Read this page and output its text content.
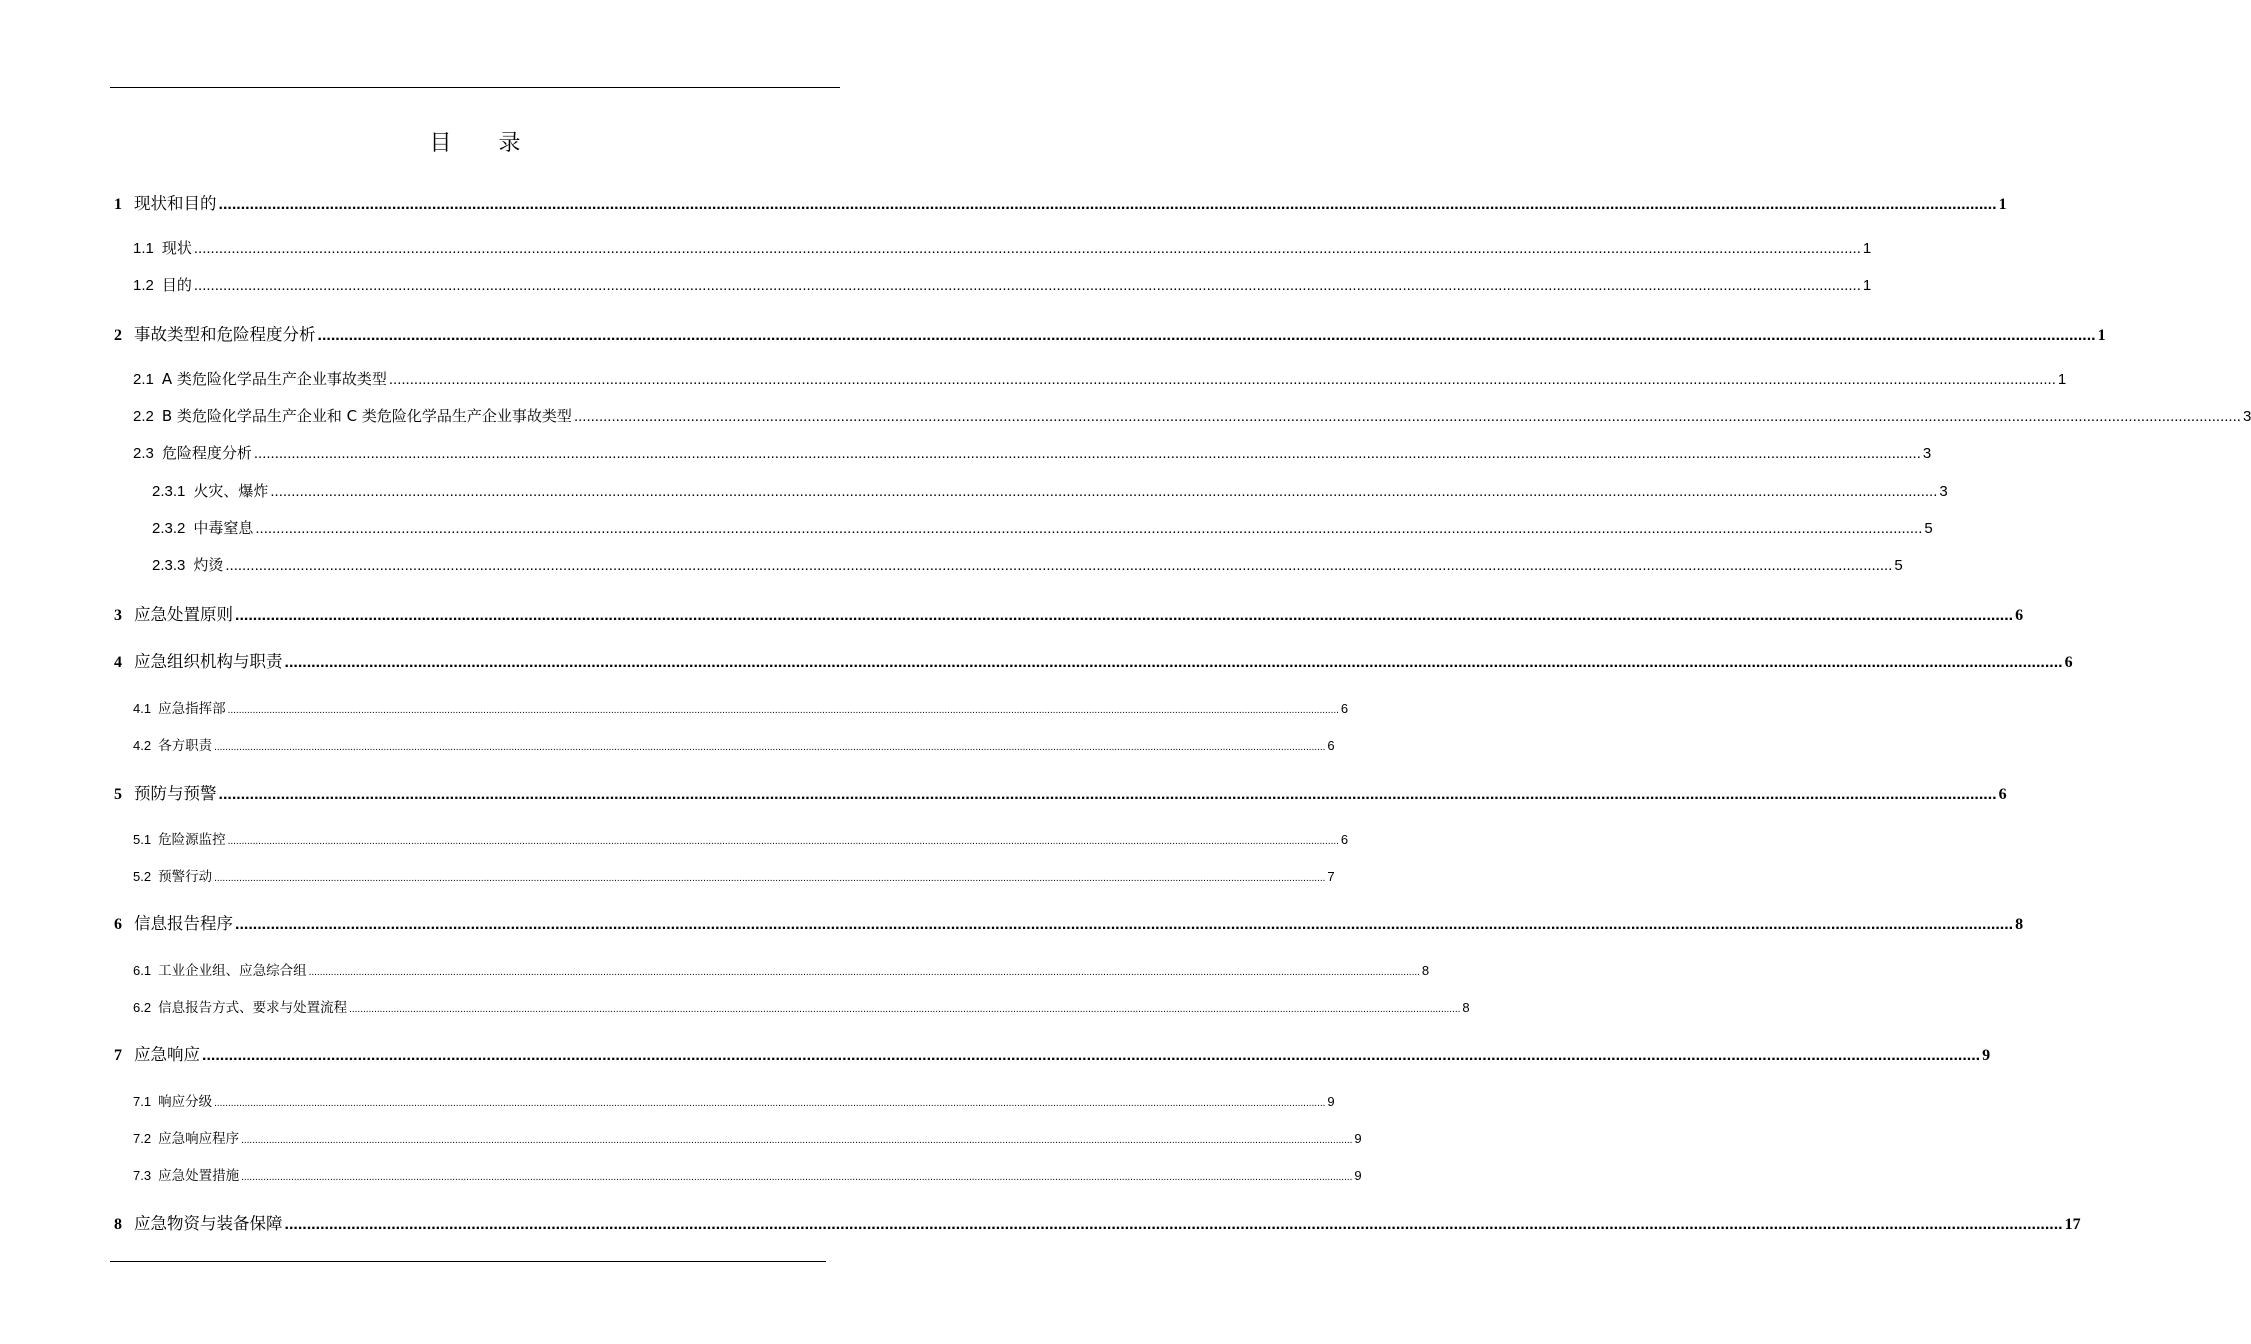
目 录
1 现状和目的 ................................................................................................................................................................................................................................................................................................................................................................................................................ 1
1.1 现状 ................................................................................................................................................................................................................................................................................................................................................................................................................ 1
1.2 目的 ................................................................................................................................................................................................................................................................................................................................................................................................................ 1
2 事故类型和危险程度分析 ................................................................................................................................................................................................................................................................................................................................................................................................................ 1
2.1 A 类危险化学品生产企业事故类型 ................................................................................................................................................................................................................................................................................................................................................................................................................ 1
2.2 B 类危险化学品生产企业和 C 类危险化学品生产企业事故类型 ................................................................................................................................................................................................................................................................................................................................................................................................................ 3
2.3 危险程度分析 ................................................................................................................................................................................................................................................................................................................................................................................................................ 3
2.3.1 火灾、爆炸 ................................................................................................................................................................................................................................................................................................................................................................................................................ 3
2.3.2 中毒窒息 ................................................................................................................................................................................................................................................................................................................................................................................................................ 5
2.3.3 灼烫 ................................................................................................................................................................................................................................................................................................................................................................................................................ 5
3 应急处置原则 ................................................................................................................................................................................................................................................................................................................................................................................................................ 6
4 应急组织机构与职责 ................................................................................................................................................................................................................................................................................................................................................................................................................ 6
4.1 应急指挥部 ................................................................................................................................................................................................................................................................................................................................................................................................................ 6
4.2 各方职责 ................................................................................................................................................................................................................................................................................................................................................................................................................ 6
5 预防与预警 ................................................................................................................................................................................................................................................................................................................................................................................................................ 6
5.1 危险源监控 ................................................................................................................................................................................................................................................................................................................................................................................................................ 6
5.2 预警行动 ................................................................................................................................................................................................................................................................................................................................................................................................................ 7
6 信息报告程序 ................................................................................................................................................................................................................................................................................................................................................................................................................ 8
6.1 工业企业组、应急综合组 ................................................................................................................................................................................................................................................................................................................................................................................................................ 8
6.2 信息报告方式、要求与处置流程 ................................................................................................................................................................................................................................................................................................................................................................................................................ 8
7 应急响应 ................................................................................................................................................................................................................................................................................................................................................................................................................ 9
7.1 响应分级 ................................................................................................................................................................................................................................................................................................................................................................................................................ 9
7.2 应急响应程序 ................................................................................................................................................................................................................................................................................................................................................................................................................ 9
7.3 应急处置措施 ................................................................................................................................................................................................................................................................................................................................................................................................................ 9
8 应急物资与装备保障 ................................................................................................................................................................................................................................................................................................................................................................................................................ 17
